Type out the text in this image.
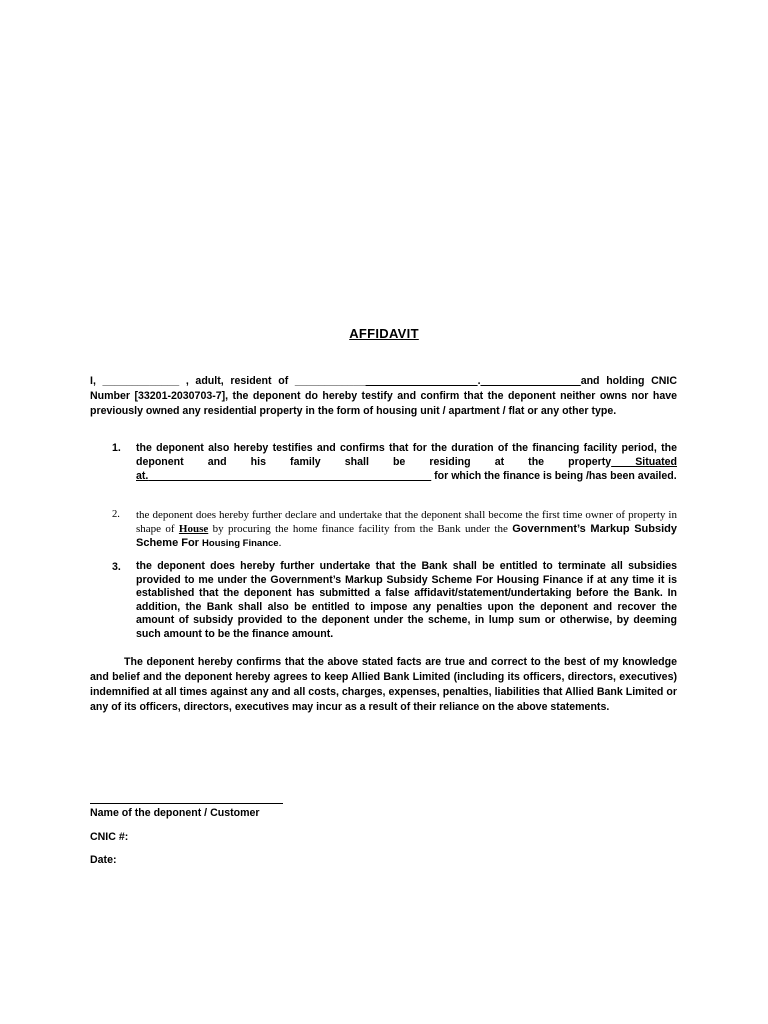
AFFIDAVIT
I, _____________ , adult, resident of _______________________________._________________and holding CNIC Number [33201-2030703-7], the deponent do hereby testify and confirm that the deponent neither owns nor have previously owned any residential property in the form of housing unit / apartment / flat or any other type.
1. the deponent also hereby testifies and confirms that for the duration of the financing facility period, the deponent and his family shall be residing at the property Situated at.________________________________________________ for which the finance is being /has been availed.
2. the deponent does hereby further declare and undertake that the deponent shall become the first time owner of property in shape of House by procuring the home finance facility from the Bank under the Government’s Markup Subsidy Scheme For Housing Finance.
3. the deponent does hereby further undertake that the Bank shall be entitled to terminate all subsidies provided to me under the Government’s Markup Subsidy Scheme For Housing Finance if at any time it is established that the deponent has submitted a false affidavit/statement/undertaking before the Bank. In addition, the Bank shall also be entitled to impose any penalties upon the deponent and recover the amount of subsidy provided to the deponent under the scheme, in lump sum or otherwise, by deeming such amount to be the finance amount.
The deponent hereby confirms that the above stated facts are true and correct to the best of my knowledge and belief and the deponent hereby agrees to keep Allied Bank Limited (including its officers, directors, executives) indemnified at all times against any and all costs, charges, expenses, penalties, liabilities that Allied Bank Limited or any of its officers, directors, executives may incur as a result of their reliance on the above statements.
Name of the deponent / Customer
CNIC #:
Date:
